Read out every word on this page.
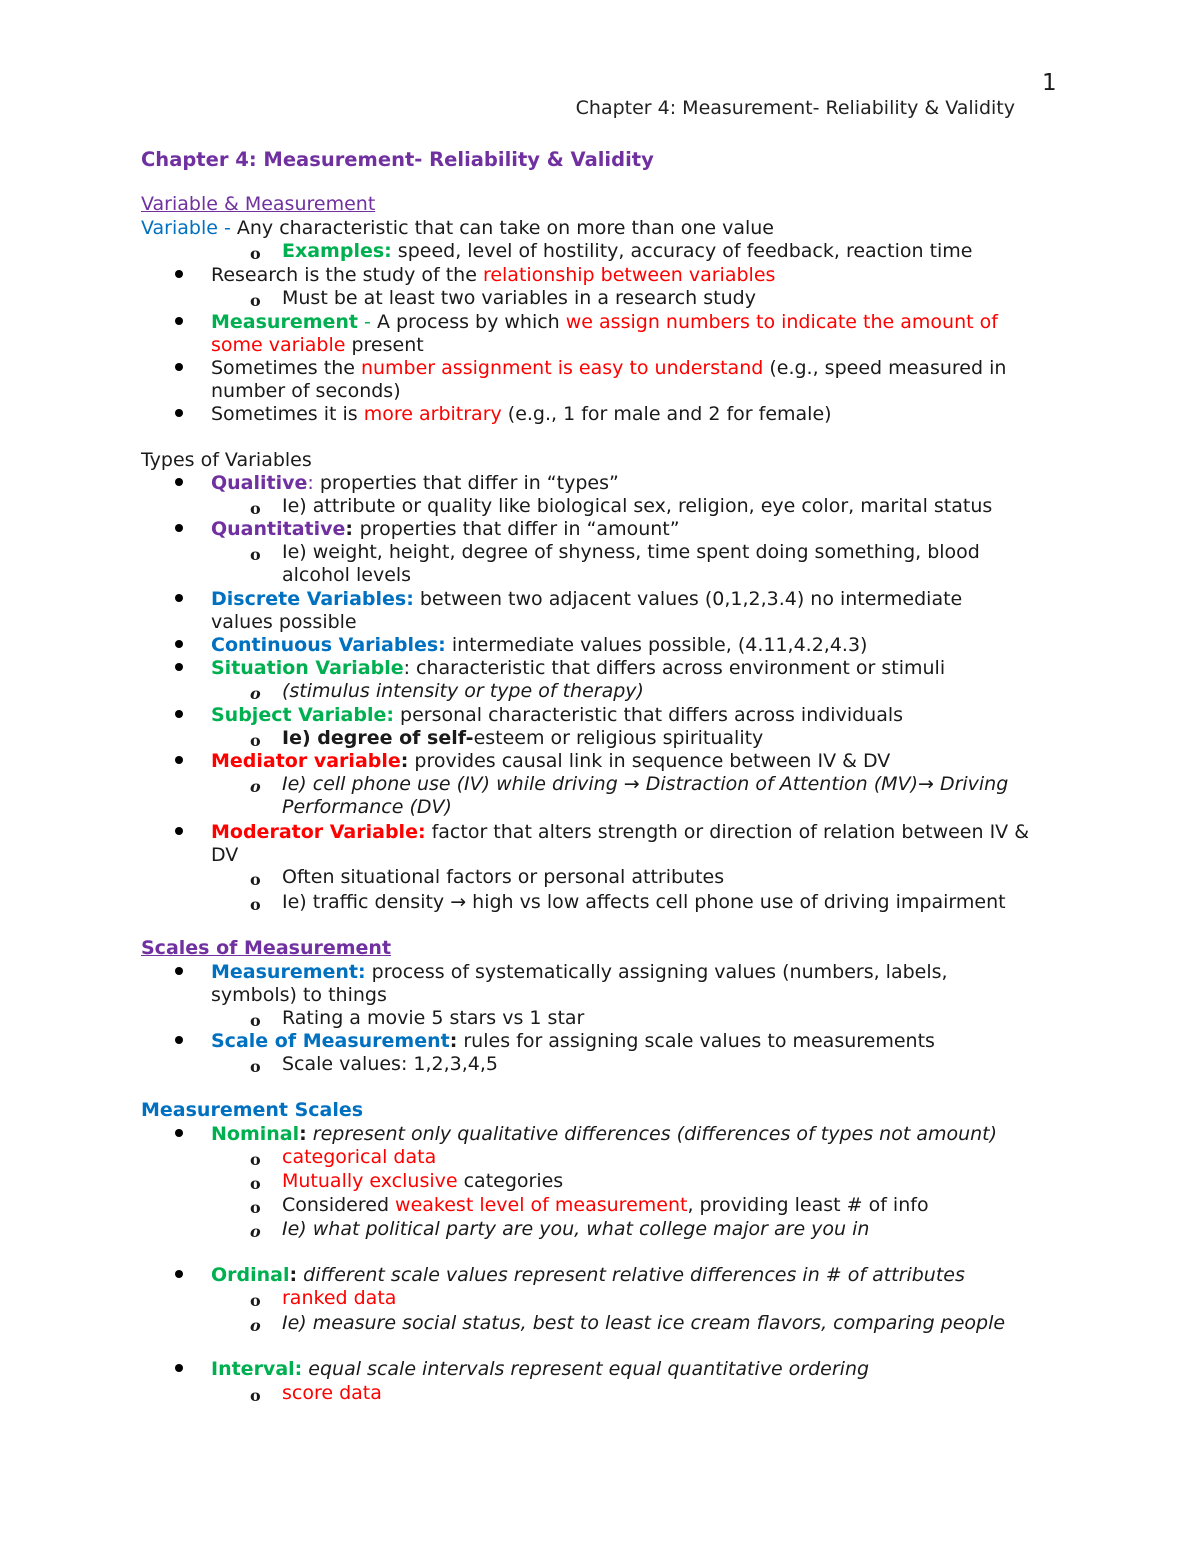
1
Chapter 4: Measurement- Reliability & Validity
Chapter 4: Measurement- Reliability & Validity
Variable & Measurement
Variable - Any characteristic that can take on more than one value
o Examples: speed, level of hostility, accuracy of feedback, reaction time
Research is the study of the relationship between variables
o Must be at least two variables in a research study
Measurement - A process by which we assign numbers to indicate the amount of
some variable present
Sometimes the number assignment is easy to understand (e.g., speed measured in
number of seconds)
Sometimes it is more arbitrary (e.g., 1 for male and 2 for female)
Types of Variables
Qualitive: properties that differ in “types”
o Ie) attribute or quality like biological sex, religion, eye color, marital status
Quantitative: properties that differ in “amount”
o Ie) weight, height, degree of shyness, time spent doing something, blood
alcohol levels
Discrete Variables: between two adjacent values (0,1,2,3.4) no intermediate
values possible
Continuous Variables: intermediate values possible, (4.11,4.2,4.3)
Situation Variable: characteristic that differs across environment or stimuli
o (stimulus intensity or type of therapy)
Subject Variable: personal characteristic that differs across individuals
o Ie) degree of self-esteem or religious spirituality
Mediator variable: provides causal link in sequence between IV & DV
o Ie) cell phone use (IV) while driving → Distraction of Attention (MV)→ Driving
Performance (DV)
Moderator Variable: factor that alters strength or direction of relation between IV &
DV
o Often situational factors or personal attributes
o Ie) traffic density → high vs low affects cell phone use of driving impairment
Scales of Measurement
Measurement: process of systematically assigning values (numbers, labels,
symbols) to things
o Rating a movie 5 stars vs 1 star
Scale of Measurement: rules for assigning scale values to measurements
o Scale values: 1,2,3,4,5
Measurement Scales
Nominal: represent only qualitative differences (differences of types not amount)
o categorical data
o Mutually exclusive categories
o Considered weakest level of measurement, providing least # of info
o Ie) what political party are you, what college major are you in
Ordinal: different scale values represent relative differences in # of attributes
o ranked data
o Ie) measure social status, best to least ice cream flavors, comparing people
Interval: equal scale intervals represent equal quantitative ordering
o score data
